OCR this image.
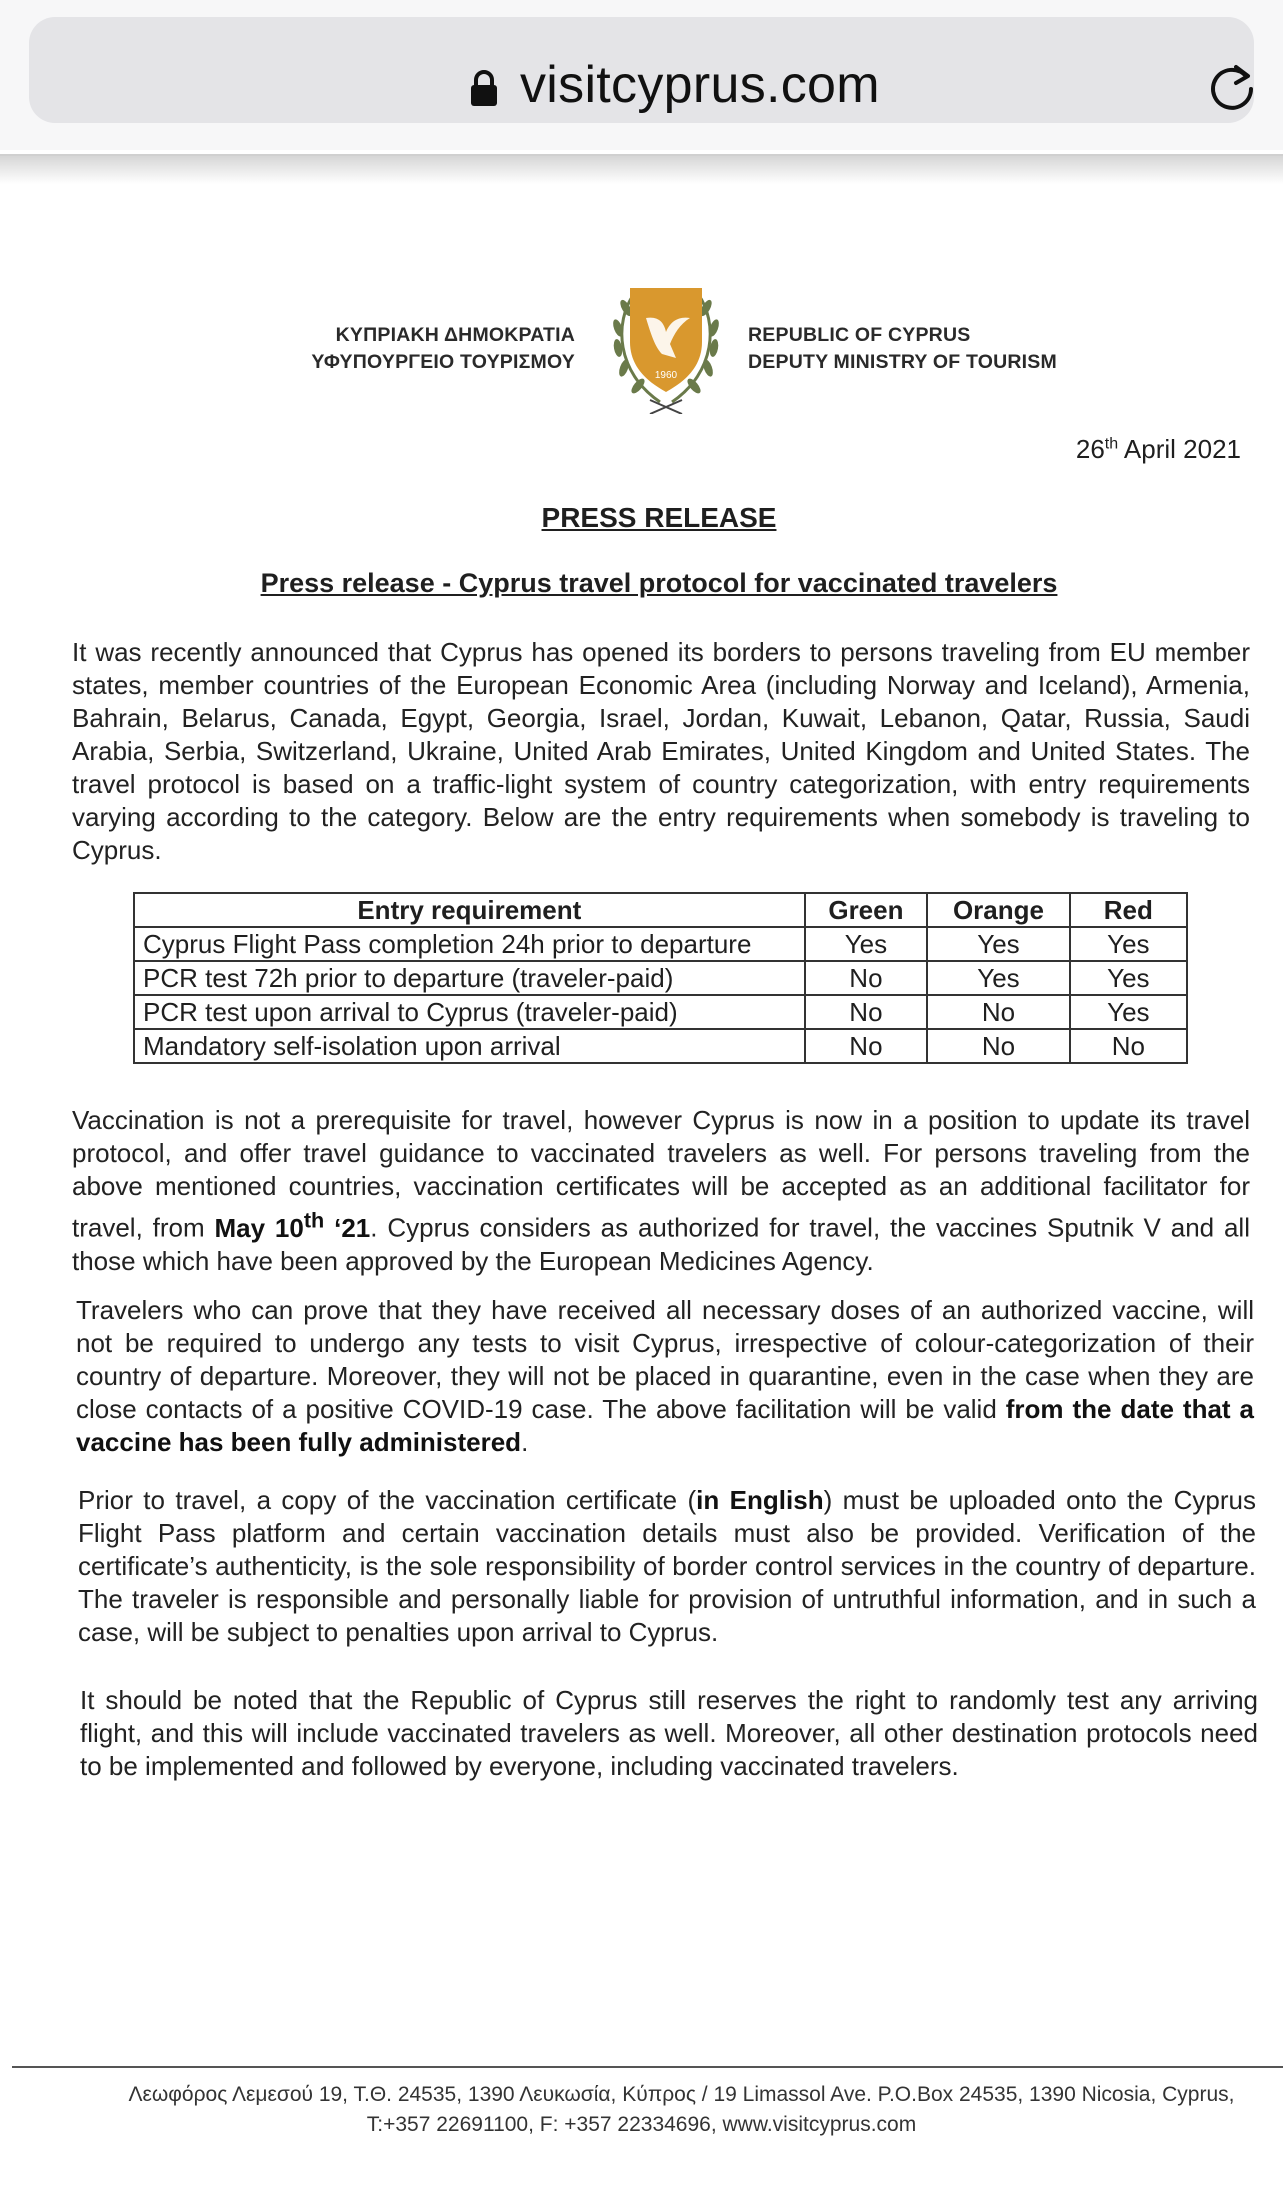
visitcyprus.com
ΚΥΠΡΙΑΚΗ ΔΗΜΟΚΡΑΤΙΑ
ΥΦΥΠΟΥΡΓΕΙΟ ΤΟΥΡΙΣΜΟΥ
1960
REPUBLIC OF CYPRUS
DEPUTY MINISTRY OF TOURISM
26th April 2021
PRESS RELEASE
Press release - Cyprus travel protocol for vaccinated travelers
It was recently announced that Cyprus has opened its borders to persons traveling from EU member states, member countries of the European Economic Area (including Norway and Iceland), Armenia, Bahrain, Belarus, Canada, Egypt, Georgia, Israel, Jordan, Kuwait, Lebanon, Qatar, Russia, Saudi Arabia, Serbia, Switzerland, Ukraine, United Arab Emirates, United Kingdom and United States. The travel protocol is based on a traffic-light system of country categorization, with entry requirements varying according to the category. Below are the entry requirements when somebody is traveling to Cyprus.
Entry requirement	Green	Orange	Red
Cyprus Flight Pass completion 24h prior to departure	Yes	Yes	Yes
PCR test 72h prior to departure (traveler-paid)	No	Yes	Yes
PCR test upon arrival to Cyprus (traveler-paid)	No	No	Yes
Mandatory self-isolation upon arrival	No	No	No
Vaccination is not a prerequisite for travel, however Cyprus is now in a position to update its travel protocol, and offer travel guidance to vaccinated travelers as well. For persons traveling from the above mentioned countries, vaccination certificates will be accepted as an additional facilitator for travel, from May 10th ‘21. Cyprus considers as authorized for travel, the vaccines Sputnik V and all those which have been approved by the European Medicines Agency.
Travelers who can prove that they have received all necessary doses of an authorized vaccine, will not be required to undergo any tests to visit Cyprus, irrespective of colour-categorization of their country of departure. Moreover, they will not be placed in quarantine, even in the case when they are close contacts of a positive COVID-19 case. The above facilitation will be valid from the date that a vaccine has been fully administered.
Prior to travel, a copy of the vaccination certificate (in English) must be uploaded onto the Cyprus Flight Pass platform and certain vaccination details must also be provided. Verification of the certificate’s authenticity, is the sole responsibility of border control services in the country of departure. The traveler is responsible and personally liable for provision of untruthful information, and in such a case, will be subject to penalties upon arrival to Cyprus.
It should be noted that the Republic of Cyprus still reserves the right to randomly test any arriving flight, and this will include vaccinated travelers as well. Moreover, all other destination protocols need to be implemented and followed by everyone, including vaccinated travelers.
Λεωφόρος Λεμεσού 19, Τ.Θ. 24535, 1390 Λευκωσία, Κύπρος / 19 Limassol Ave. P.O.Box 24535, 1390 Nicosia, Cyprus,
T:+357 22691100, F: +357 22334696, www.visitcyprus.com
